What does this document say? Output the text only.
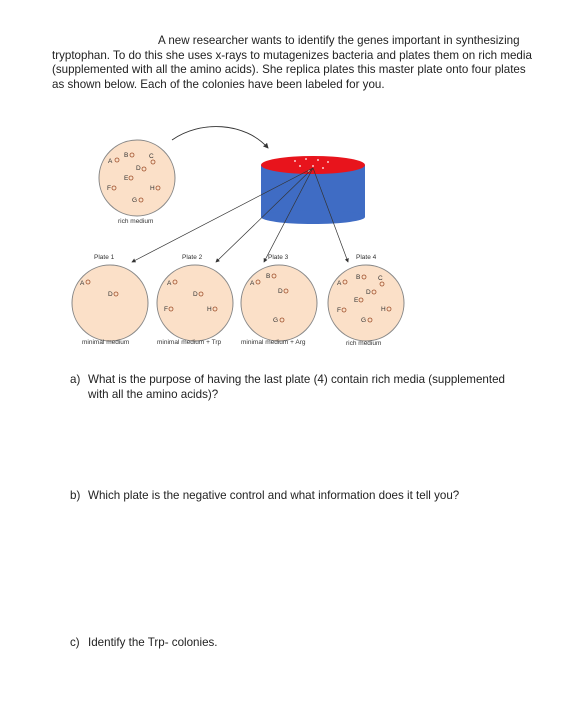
A new researcher wants to identify the genes important in synthesizing tryptophan. To do this she uses x-rays to mutagenizes bacteria and plates them on rich media (supplemented with all the amino acids). She replica plates this master plate onto four plates as shown below. Each of the colonies have been labeled for you.

A
B	C
D
E
F	H
G
rich medium
Plate 1
A
D
minimal medium
Plate 2
A
D
F	H
minimal medium + Trp
Plate 3
A
B
D
G
minimal medium + Arg
Plate 4
A
B	C
D
E
F	H
G
rich medium
a) What is the purpose of having the last plate (4) contain rich media (supplemented with all the amino acids)?
b) Which plate is the negative control and what information does it tell you?
c) Identify the Trp- colonies.
